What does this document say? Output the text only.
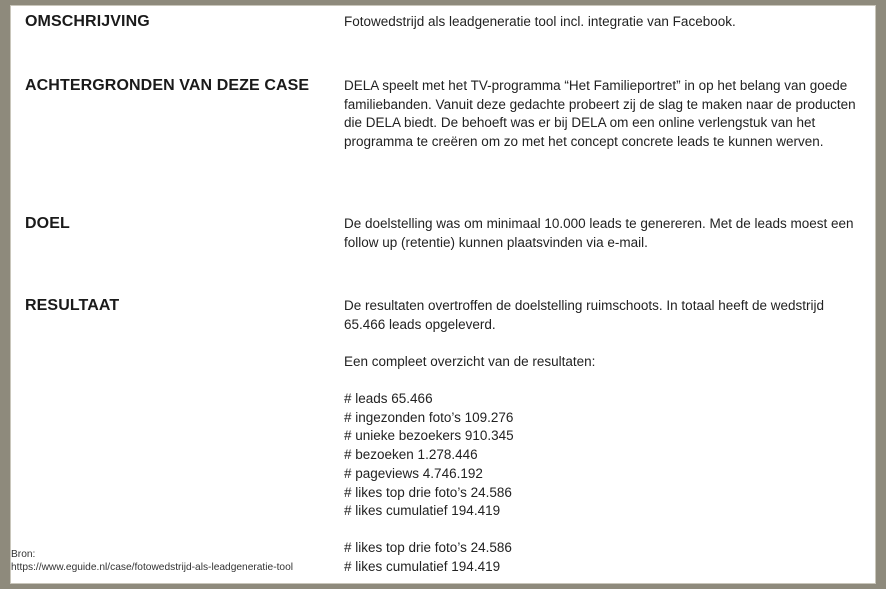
OMSCHRIJVING	Fotowedstrijd als leadgeneratie tool incl. integratie van Facebook.

ACHTERGRONDEN VAN DEZE CASE	DELA speelt met het TV-programma “Het Familieportret” in op het belang van goede familiebanden. Vanuit deze gedachte probeert zij de slag te maken naar de producten die DELA biedt. De behoeft was er bij DELA om een online verlengstuk van het programma te creëren om zo met het concept concrete leads te kunnen werven.

DOEL	De doelstelling was om minimaal 10.000 leads te genereren. Met de leads moest een follow up (retentie) kunnen plaatsvinden via e-mail.

RESULTAAT	De resultaten overtroffen de doelstelling ruimschoots. In totaal heeft de wedstrijd 65.466 leads opgeleverd.

Een compleet overzicht van de resultaten:

# leads 65.466
# ingezonden foto’s 109.276
# unieke bezoekers 910.345
# bezoeken 1.278.446
# pageviews 4.746.192
# likes top drie foto’s 24.586
# likes cumulatief 194.419
# likes top drie foto’s 24.586
# likes cumulatief 194.419
Bron:
https://www.eguide.nl/case/fotowedstrijd-als-leadgeneratie-tool
